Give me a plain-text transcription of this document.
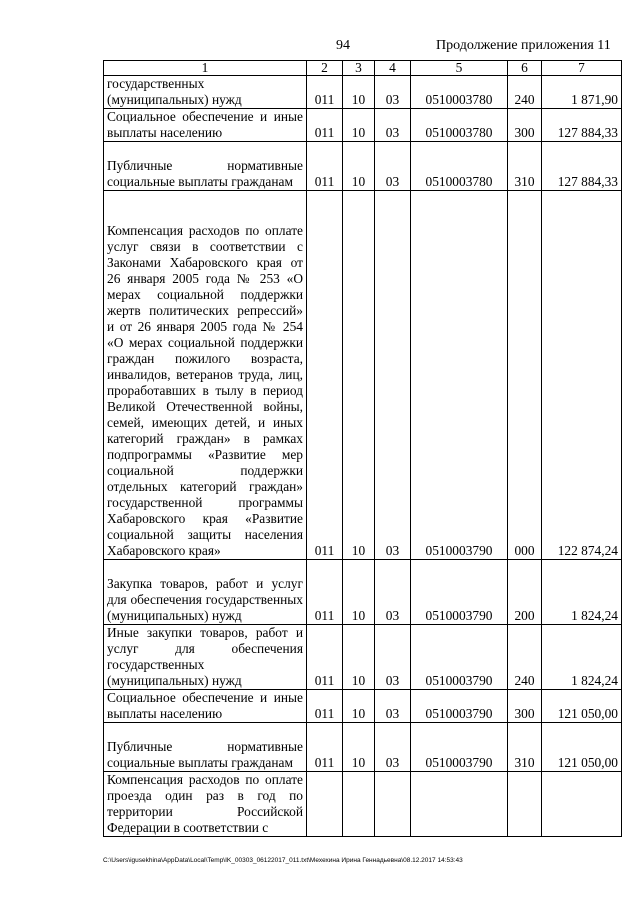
94	Продолжение приложения 11
1	2	3	4	5	6	7
государственных (муниципальных) нужд	011	10	03	0510003780	240	1 871,90
Социальное обеспечение и иные выплаты населению	011	10	03	0510003780	300	127 884,33
Публичные нормативные социальные выплаты гражданам	011	10	03	0510003780	310	127 884,33
Компенсация расходов по оплате услуг связи в соответствии с Законами Хабаровского края от 26 января 2005 года № 253 «О мерах социальной поддержки жертв политических репрессий» и от 26 января 2005 года № 254 «О мерах социальной поддержки граждан пожилого возраста, инвалидов, ветеранов труда, лиц, проработавших в тылу в период Великой Отечественной войны, семей, имеющих детей, и иных категорий граждан» в рамках подпрограммы «Развитие мер социальной поддержки отдельных категорий граждан» государственной программы Хабаровского края «Развитие социальной защиты населения Хабаровского края»	011	10	03	0510003790	000	122 874,24
Закупка товаров, работ и услуг для обеспечения государственных (муниципальных) нужд	011	10	03	0510003790	200	1 824,24
Иные закупки товаров, работ и услуг для обеспечения государственных (муниципальных) нужд	011	10	03	0510003790	240	1 824,24
Социальное обеспечение и иные выплаты населению	011	10	03	0510003790	300	121 050,00
Публичные нормативные социальные выплаты гражданам	011	10	03	0510003790	310	121 050,00
Компенсация расходов по оплате проезда один раз в год по территории Российской Федерации в соответствии с						
C:\Users\igusekhina\AppData\Local\Temp\IK_00303_06122017_011.txt\Мехехина Ирина Геннадьевна\08.12.2017 14:53:43
